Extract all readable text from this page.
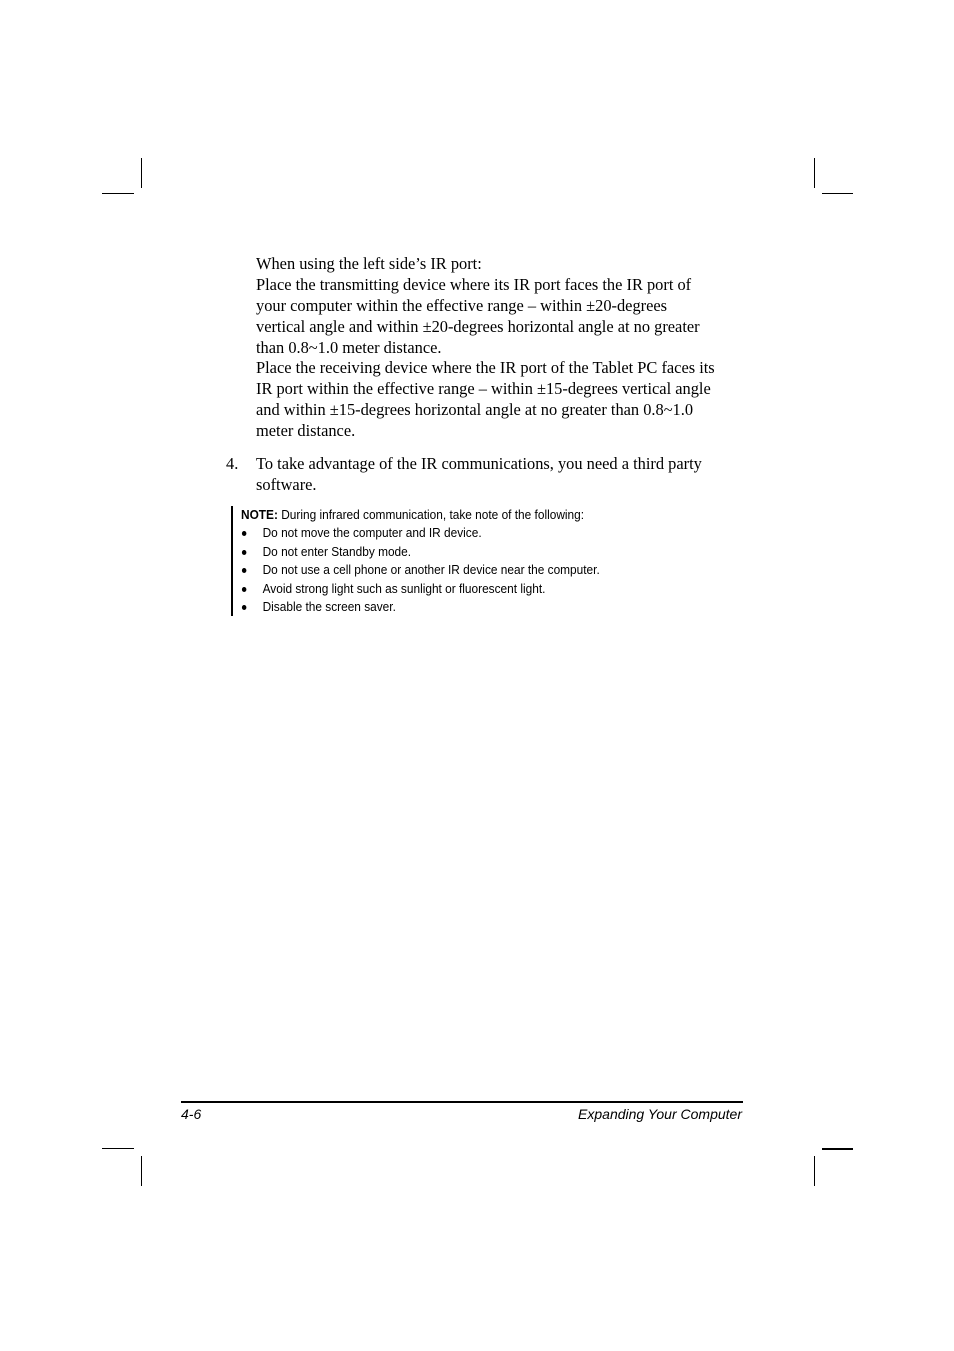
When using the left side’s IR port:
Place the transmitting device where its IR port faces the IR port of
your computer within the effective range – within ±20-degrees
vertical angle and within ±20-degrees horizontal angle at no greater
than 0.8~1.0 meter distance.
Place the receiving device where the IR port of the Tablet PC faces its
IR port within the effective range – within ±15-degrees vertical angle
and within ±15-degrees horizontal angle at no greater than 0.8~1.0
meter distance.
4. To take advantage of the IR communications, you need a third party
software.
NOTE: During infrared communication, take note of the following:
Do not move the computer and IR device.
Do not enter Standby mode.
Do not use a cell phone or another IR device near the computer.
Avoid strong light such as sunlight or fluorescent light.
Disable the screen saver.
4-6	Expanding Your Computer
